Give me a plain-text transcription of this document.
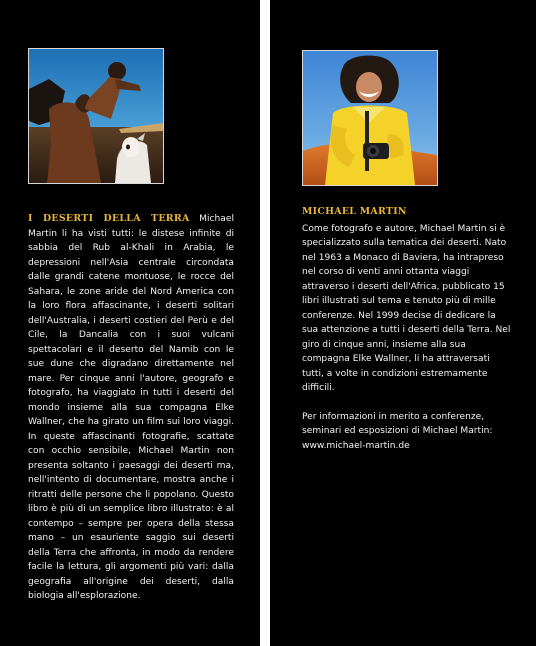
I DESERTI DELLA TERRA Michael Martin li ha visti tutti: le distese infinite di sabbia del Rub al-Khali in Arabia, le depressioni nell'Asia centrale circondata dalle grandi catene montuose, le rocce del Sahara, le zone aride del Nord America con la loro flora affascinante, i deserti solitari dell'Australia, i deserti costieri del Perù e del Cile, la Dancalia con i suoi vulcani spettacolari e il deserto del Namib con le sue dune che digradano direttamente nel mare. Per cinque anni l'autore, geografo e fotografo, ha viaggiato in tutti i deserti del mondo insieme alla sua compagna Elke Wallner, che ha girato un film sui loro viaggi. In queste affascinanti fotografie, scattate con occhio sensibile, Michael Martin non presenta soltanto i paesaggi dei deserti ma, nell'intento di documentare, mostra anche i ritratti delle persone che li popolano. Questo libro è più di un semplice libro illustrato: è al contempo – sempre per opera della stessa mano – un esauriente saggio sui deserti della Terra che affronta, in modo da rendere facile la lettura, gli argomenti più vari: dalla geografia all'origine dei deserti, dalla biologia all'esplorazione.
MICHAEL MARTIN

Come fotografo e autore, Michael Martin si è specializzato sulla tematica dei deserti. Nato nel 1963 a Monaco di Baviera, ha intrapreso nel corso di venti anni ottanta viaggi attraverso i deserti dell'Africa, pubblicato 15 libri illustrati sul tema e tenuto più di mille conferenze. Nel 1999 decise di dedicare la sua attenzione a tutti i deserti della Terra. Nel giro di cinque anni, insieme alla sua compagna Elke Wallner, li ha attraversati tutti, a volte in condizioni estremamente difficili.

Per informazioni in merito a conferenze, seminari ed esposizioni di Michael Martin:
www.michael-martin.de
